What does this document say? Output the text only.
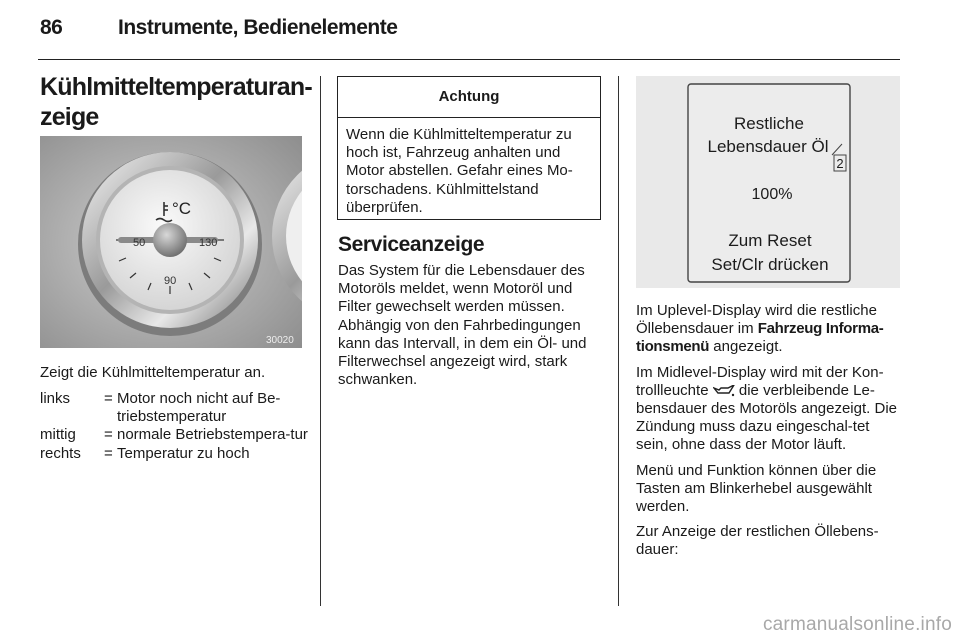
86	Instrumente, Bedienelemente
Kühlmitteltemperaturan-
zeige
50	130
90
°C
30020
Zeigt die Kühlmitteltemperatur an.
links	= Motor noch nicht auf Be-triebstemperatur
mittig	= normale Betriebstempera-tur
rechts	= Temperatur zu hoch
Achtung
Wenn die Kühlmitteltemperatur zu hoch ist, Fahrzeug anhalten und Motor abstellen. Gefahr eines Mo-torschadens. Kühlmittelstand überprüfen.
Serviceanzeige
Das System für die Lebensdauer des Motoröls meldet, wenn Motoröl und Filter gewechselt werden müssen. Abhängig von den Fahrbedingungen kann das Intervall, in dem ein Öl- und Filterwechsel angezeigt wird, stark schwanken.
Restliche
Lebensdauer Öl
2
100%
Zum Reset
Set/Clr drücken

Im Uplevel-Display wird die restliche Öllebensdauer im Fahrzeug Informa-tionsmenü angezeigt.

Im Midlevel-Display wird mit der Kon-trollleuchte  die verbleibende Le-bensdauer des Motoröls angezeigt. Die Zündung muss dazu eingeschal-tet sein, ohne dass der Motor läuft.

Menü und Funktion können über die Tasten am Blinkerhebel ausgewählt werden.

Zur Anzeige der restlichen Öllebens-dauer:

carmanualsonline.info
